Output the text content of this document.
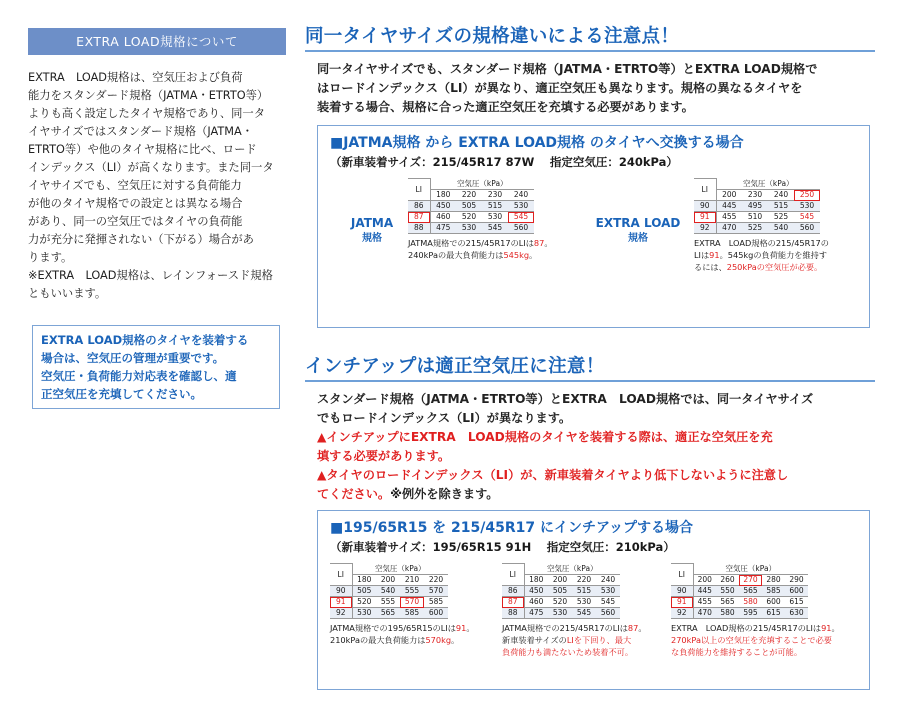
EXTRA LOAD規格について

EXTRA　LOAD規格は、空気圧および負荷

能力をスタンダード規格（JATMA・ETRTO等）

よりも高く設定したタイヤ規格であり、同一タ

イヤサイズではスタンダード規格（JATMA・

ETRTO等）や他のタイヤ規格に比べ、ロード

インデックス（LI）が高くなります。また同一タ

イヤサイズでも、空気圧に対する負荷能力

が他のタイヤ規格での設定とは異なる場合

があり、同一の空気圧ではタイヤの負荷能

力が充分に発揮されない（下がる）場合があ

ります。

※EXTRA　LOAD規格は、レインフォースド規格

ともいいます。

EXTRA LOAD規格のタイヤを装着する
場合は、空気圧の管理が重要です。
空気圧・負荷能力対応表を確認し、適
正空気圧を充填してください。
同一タイヤサイズの規格違いによる注意点！
同一タイヤサイズでも、スタンダード規格（JATMA・ETRTO等）とEXTRA LOAD規格で
はロードインデックス（LI）が異なり、適正空気圧も異なります。規格の異なるタイヤを
装着する場合、規格に合った適正空気圧を充填する必要があります。
■JATMA規格 から EXTRA LOAD規格 のタイヤへ交換する場合
（新車装着サイズ：215/45R17 87W　 指定空気圧：240kPa）
JATMA
規格
LI	空気圧（kPa）			
	180	220	230	240
86	450	505	515	530
87	460	520	530	545
88	475	530	545	560
JATMA規格での215/45R17のLIは87。
240kPaの最大負荷能力は545kg。
EXTRA LOAD
規格
LI	空気圧（kPa）			
	200	230	240	250
90	445	495	515	530
91	455	510	525	545
92	470	525	540	560
EXTRA　LOAD規格の215/45R17の
LIは91。545kgの負荷能力を維持す
るには、250kPaの空気圧が必要。
インチアップは適正空気圧に注意！
スタンダード規格（JATMA・ETRTO等）とEXTRA　LOAD規格では、同一タイヤサイズ
でもロードインデックス（LI）が異なります。
▲インチアップにEXTRA　LOAD規格のタイヤを装着する際は、適正な空気圧を充
填する必要があります。
▲タイヤのロードインデックス（LI）が、新車装着タイヤより低下しないように注意し
てください。※例外を除きます。
■195/65R15 を 215/45R17 にインチアップする場合
（新車装着サイズ：195/65R15 91H　 指定空気圧：210kPa）
LI	空気圧（kPa）			
	180	200	210	220
90	505	540	555	570
91	520	555	570	585
92	530	565	585	600
JATMA規格での195/65R15のLIは91。
210kPaの最大負荷能力は570kg。
LI	空気圧（kPa）			
	180	200	220	240
86	450	505	515	530
87	460	520	530	545
88	475	530	545	560
JATMA規格での215/45R17のLIは87。
新車装着サイズのLIを下回り、最大
負荷能力も満たないため装着不可。
LI	空気圧（kPa）				
	200	260	270	280	290
90	445	550	565	585	600
91	455	565	580	600	615
92	470	580	595	615	630
EXTRA　LOAD規格の215/45R17のLIは91。
270kPa以上の空気圧を充填することで必要
な負荷能力を維持することが可能。
